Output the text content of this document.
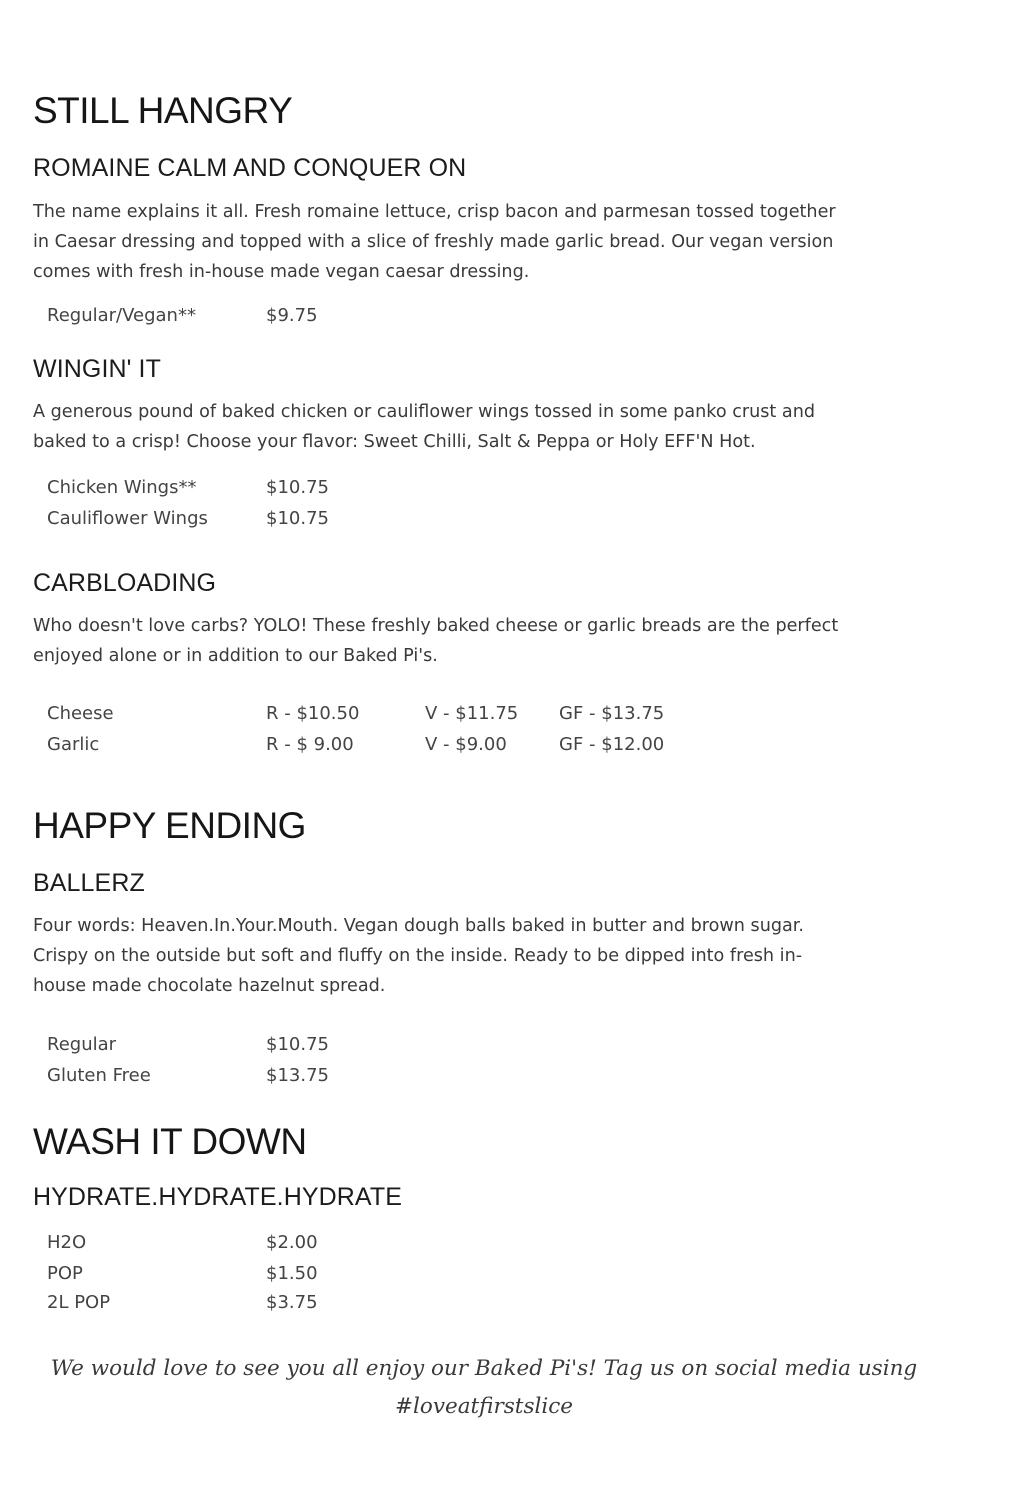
STILL HANGRY
ROMAINE CALM AND CONQUER ON
The name explains it all. Fresh romaine lettuce, crisp bacon and parmesan tossed together
in Caesar dressing and topped with a slice of freshly made garlic bread. Our vegan version
comes with fresh in-house made vegan caesar dressing.
Regular/Vegan**	$9.75
WINGIN' IT
A generous pound of baked chicken or cauliflower wings tossed in some panko crust and
baked to a crisp! Choose your flavor: Sweet Chilli, Salt & Peppa or Holy EFF'N Hot.
Chicken Wings**	$10.75
Cauliflower Wings	$10.75
CARBLOADING
Who doesn't love carbs? YOLO! These freshly baked cheese or garlic breads are the perfect
enjoyed alone or in addition to our Baked Pi's.
Cheese	R - $10.50	V - $11.75 GF - $13.75
Garlic	R - $ 9.00	V - $9.00	GF - $12.00
HAPPY ENDING
BALLERZ
Four words: Heaven.In.Your.Mouth. Vegan dough balls baked in butter and brown sugar.
Crispy on the outside but soft and fluffy on the inside. Ready to be dipped into fresh in-
house made chocolate hazelnut spread.
Regular	$10.75
Gluten Free	$13.75
WASH IT DOWN
HYDRATE.HYDRATE.HYDRATE
H2O	$2.00
POP	$1.50
2L POP	$3.75
We would love to see you all enjoy our Baked Pi's! Tag us on social media using
#loveatfirstslice
